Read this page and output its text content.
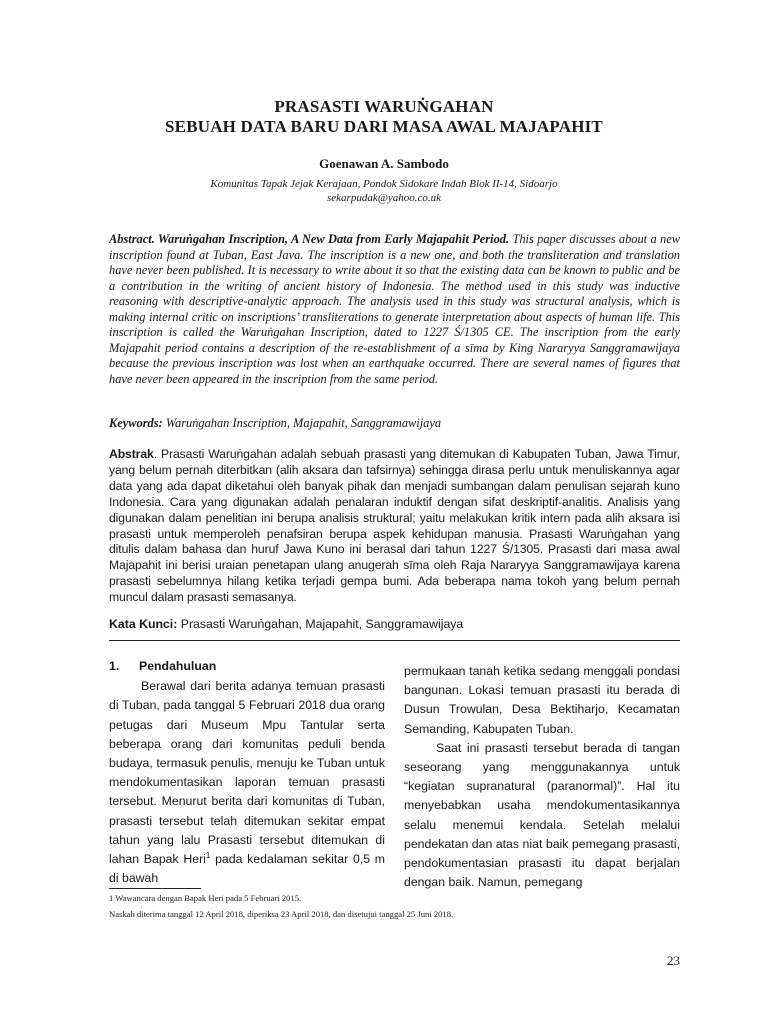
PRASASTI WARUṄGAHAN
SEBUAH DATA BARU DARI MASA AWAL MAJAPAHIT
Goenawan A. Sambodo
Komunitas Tapak Jejak Kerajaan, Pondok Sidokare Indah Blok II-14, Sidoarjo
sekarpudak@yahoo.co.uk
Abstract. Waruṅgahan Inscription, A New Data from Early Majapahit Period. This paper discusses about a new inscription found at Tuban, East Java. The inscription is a new one, and both the transliteration and translation have never been published. It is necessary to write about it so that the existing data can be known to public and be a contribution in the writing of ancient history of Indonesia. The method used in this study was inductive reasoning with descriptive-analytic approach. The analysis used in this study was structural analysis, which is making internal critic on inscriptions’ transliterations to generate interpretation about aspects of human life. This inscription is called the Waruṅgahan Inscription, dated to 1227 Ś/1305 CE. The inscription from the early Majapahit period contains a description of the re-establishment of a sīma by King Nararyya Sanggramawijaya because the previous inscription was lost when an earthquake occurred. There are several names of figures that have never been appeared in the inscription from the same period.
Keywords: Waruṅgahan Inscription, Majapahit, Sanggramawijaya
Abstrak. Prasasti Waruṅgahan adalah sebuah prasasti yang ditemukan di Kabupaten Tuban, Jawa Timur, yang belum pernah diterbitkan (alih aksara dan tafsirnya) sehingga dirasa perlu untuk menuliskannya agar data yang ada dapat diketahui oleh banyak pihak dan menjadi sumbangan dalam penulisan sejarah kuno Indonesia. Cara yang digunakan adalah penalaran induktif dengan sifat deskriptif-analitis. Analisis yang digunakan dalam penelitian ini berupa analisis struktural; yaitu melakukan kritik intern pada alih aksara isi prasasti untuk memperoleh penafsiran berupa aspek kehidupan manusia. Prasasti Waruṅgahan yang ditulis dalam bahasa dan huruf Jawa Kuno ini berasal dari tahun 1227 Ś/1305. Prasasti dari masa awal Majapahit ini berisi uraian penetapan ulang anugerah sīma oleh Raja Nararyya Sanggramawijaya karena prasasti sebelumnya hilang ketika terjadi gempa bumi. Ada beberapa nama tokoh yang belum pernah muncul dalam prasasti semasanya.
Kata Kunci: Prasasti Waruṅgahan, Majapahit, Sanggramawijaya
1. Pendahuluan

Berawal dari berita adanya temuan prasasti di Tuban, pada tanggal 5 Februari 2018 dua orang petugas dari Museum Mpu Tantular serta beberapa orang dari komunitas peduli benda budaya, termasuk penulis, menuju ke Tuban untuk mendokumentasikan laporan temuan prasasti tersebut. Menurut berita dari komunitas di Tuban, prasasti tersebut telah ditemukan sekitar empat tahun yang lalu Prasasti tersebut ditemukan di lahan Bapak Heri$^1$ pada kedalaman sekitar 0,5 m di bawah

permukaan tanah ketika sedang menggali pondasi bangunan. Lokasi temuan prasasti itu berada di Dusun Trowulan, Desa Bektiharjo, Kecamatan Semanding, Kabupaten Tuban.

Saat ini prasasti tersebut berada di tangan seseorang yang menggunakannya untuk “kegiatan supranatural (paranormal)”. Hal itu menyebabkan usaha mendokumentasikannya selalu menemui kendala. Setelah melalui pendekatan dan atas niat baik pemegang prasasti, pendokumentasian prasasti itu dapat berjalan dengan baik. Namun, pemegang

1 Wawancara dengan Bapak Heri pada 5 Februari 2015.
Naskah diterima tanggal 12 April 2018, diperiksa 23 April 2018, dan disetujui tanggal 25 Juni 2018.
23
